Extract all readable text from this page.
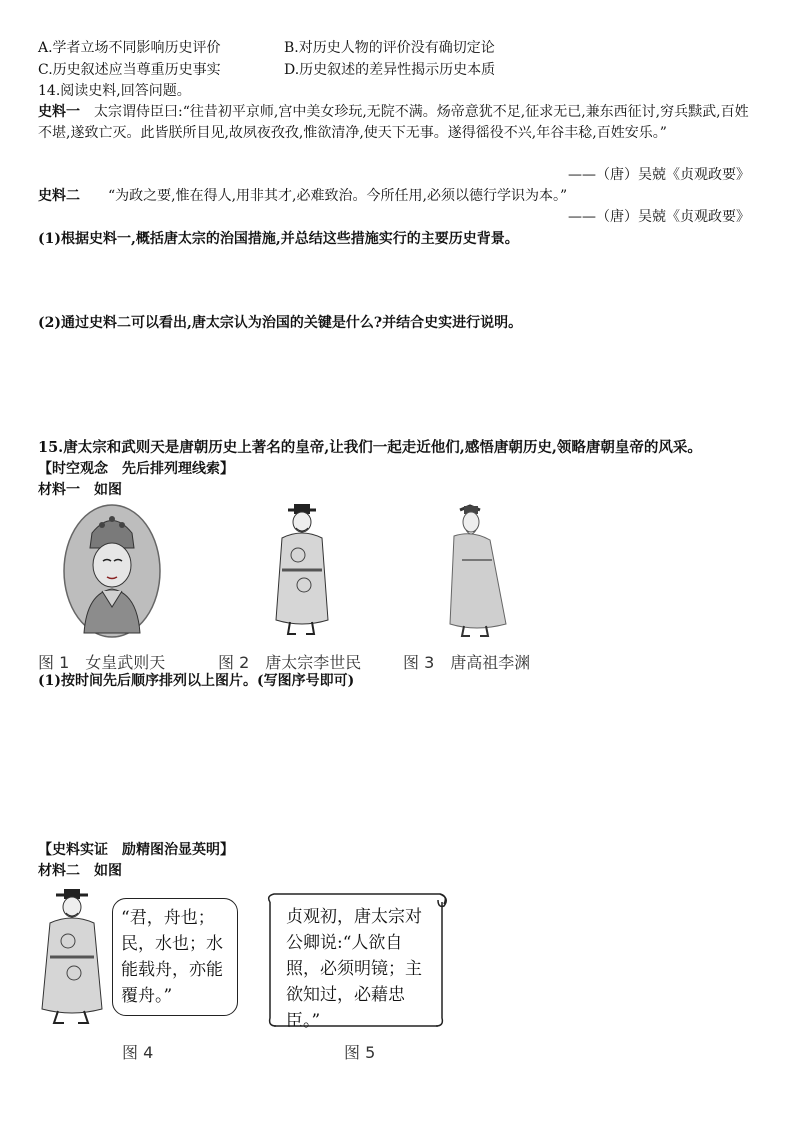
A.学者立场不同影响历史评价	B.对历史人物的评价没有确切定论
C.历史叙述应当尊重历史事实	D.历史叙述的差异性揭示历史本质
14.阅读史料,回答问题。
史料一　 太宗谓侍臣曰:“往昔初平京师,宫中美女珍玩,无院不满。炀帝意犹不足,征求无已,兼东西征讨,穷兵黩武,百姓不堪,遂致亡灭。此皆朕所目见,故夙夜孜孜,惟欲清净,使天下无事。遂得徭役不兴,年谷丰稔,百姓安乐。”
——（唐）吴兢《贞观政要》
史料二　　 “为政之要,惟在得人,用非其才,必难致治。今所任用,必须以德行学识为本。”
——（唐）吴兢《贞观政要》
(1)根据史料一,概括唐太宗的治国措施,并总结这些措施实行的主要历史背景。
(2)通过史料二可以看出,唐太宗认为治国的关键是什么?并结合史实进行说明。
15.唐太宗和武则天是唐朝历史上著名的皇帝,让我们一起走近他们,感悟唐朝历史,领略唐朝皇帝的风采。
【时空观念　先后排列理线索】
材料一　如图
图 1　女皇武则天	图 2　唐太宗李世民	图 3　唐高祖李渊
(1)按时间先后顺序排列以上图片。(写图序号即可)
【史料实证　励精图治显英明】
材料二　如图
“君，舟也；民，水也；水能载舟，亦能覆舟。”
贞观初，唐太宗对公卿说:“人欲自照，必须明镜；主欲知过，必藉忠臣。”
图 4	图 5
